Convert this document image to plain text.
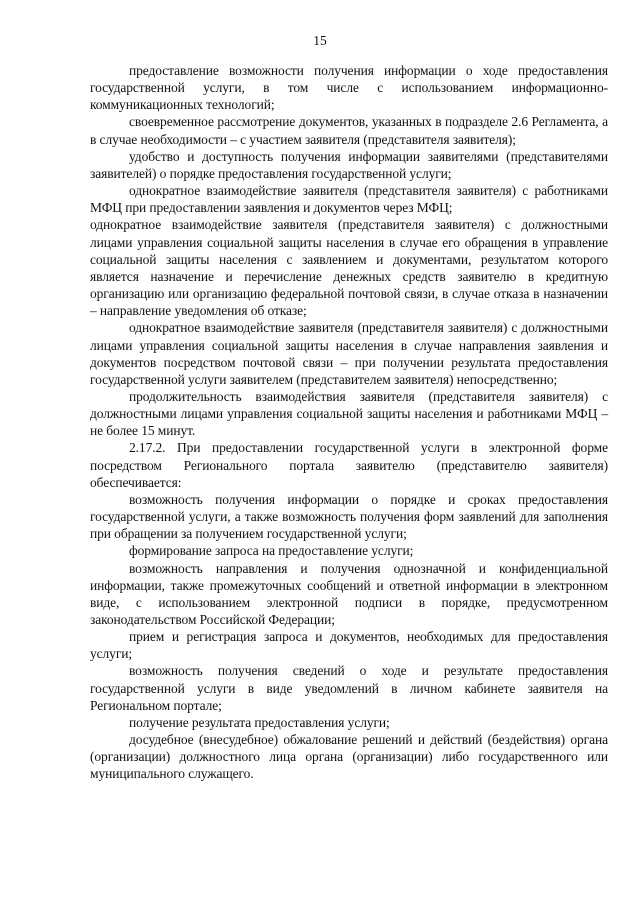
15

предоставление возможности получения информации о ходе предоставления государственной услуги, в том числе с использованием информационно-коммуникационных технологий;

своевременное рассмотрение документов, указанных в подразделе 2.6 Регламента, а в случае необходимости – с участием заявителя (представителя заявителя);

удобство и доступность получения информации заявителями (представителями заявителей) о порядке предоставления государственной услуги;

однократное взаимодействие заявителя (представителя заявителя) с работниками МФЦ при предоставлении заявления и документов через МФЦ;

однократное взаимодействие заявителя (представителя заявителя) с должностными лицами управления социальной защиты населения в случае его обращения в управление социальной защиты населения с заявлением и документами, результатом которого является назначение и перечисление денежных средств заявителю в кредитную организацию или организацию федеральной почтовой связи, в случае отказа в назначении – направление уведомления об отказе;

однократное взаимодействие заявителя (представителя заявителя) с должностными лицами управления социальной защиты населения в случае направления заявления и документов посредством почтовой связи – при получении результата предоставления государственной услуги заявителем (представителем заявителя) непосредственно;

продолжительность взаимодействия заявителя (представителя заявителя) с должностными лицами управления социальной защиты населения и работниками МФЦ – не более 15 минут.

2.17.2. При предоставлении государственной услуги в электронной форме посредством Регионального портала заявителю (представителю заявителя) обеспечивается:

возможность получения информации о порядке и сроках предоставления государственной услуги, а также возможность получения форм заявлений для заполнения при обращении за получением государственной услуги;

формирование запроса на предоставление услуги;

возможность направления и получения однозначной и конфиденциальной информации, также промежуточных сообщений и ответной информации в электронном виде, с использованием электронной подписи в порядке, предусмотренном законодательством Российской Федерации;

прием и регистрация запроса и документов, необходимых для предоставления услуги;

возможность получения сведений о ходе и результате предоставления государственной услуги в виде уведомлений в личном кабинете заявителя на Региональном портале;

получение результата предоставления услуги;

досудебное (внесудебное) обжалование решений и действий (бездействия) органа (организации) должностного лица органа (организации) либо государственного или муниципального служащего.
